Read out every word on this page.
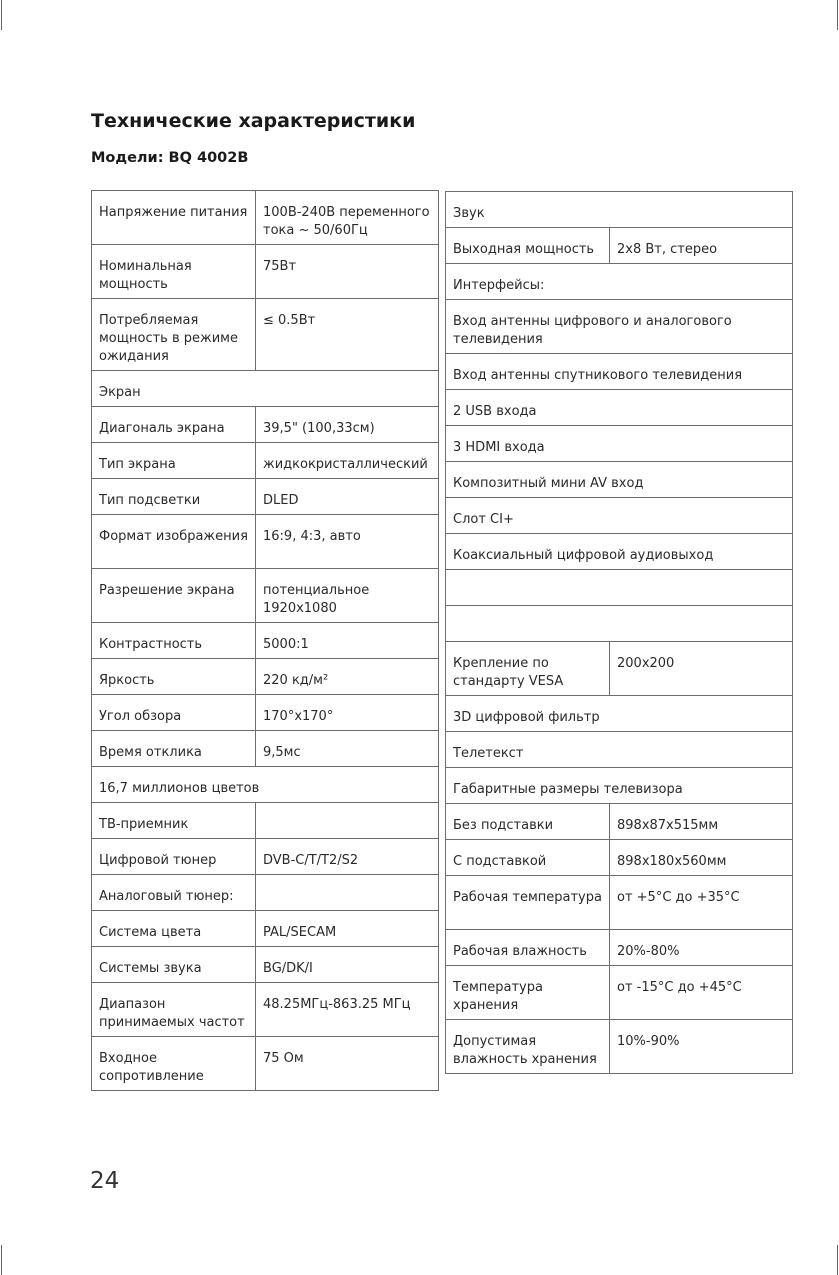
Технические характеристики
Модели: BQ 4002B
Напряжение питания	100В-240В переменного тока ~ 50/60Гц
Номинальная мощность	75Вт
Потребляемая мощность в режиме ожидания	≤ 0.5Вт
Экран	
Диагональ экрана	39,5" (100,33см)
Тип экрана	жидкокристаллический
Тип подсветки	DLED
Формат изображения	16:9, 4:3, авто
Разрешение экрана	потенциальное 1920x1080
Контрастность	5000:1
Яркость	220 кд/м²
Угол обзора	170°x170°
Время отклика	9,5мс
16,7 миллионов цветов	
ТВ-приемник	
Цифровой тюнер	DVB-C/T/T2/S2
Аналоговый тюнер:	
Система цвета	PAL/SECAM
Системы звука	BG/DK/I
Диапазон принимаемых частот	48.25МГц-863.25 МГц
Входное сопротивление	75 Ом
Звук	
Выходная мощность	2x8 Вт, стерео
Интерфейсы:	
Вход антенны цифрового и аналогового телевидения	
Вход антенны спутникового телевидения	
2 USB входа	
3 HDMI входа	
Композитный мини AV вход	
Слот CI+	
Коаксиальный цифровой аудиовыход	

Крепление по стандарту VESA	200x200
3D цифровой фильтр	
Телетекст	
Габаритные размеры телевизора	
Без подставки	898x87x515мм
С подставкой	898x180x560мм
Рабочая температура	от +5°C до +35°C
Рабочая влажность	20%-80%
Температура хранения	от -15°C до +45°C
Допустимая влажность хранения	10%-90%
24
